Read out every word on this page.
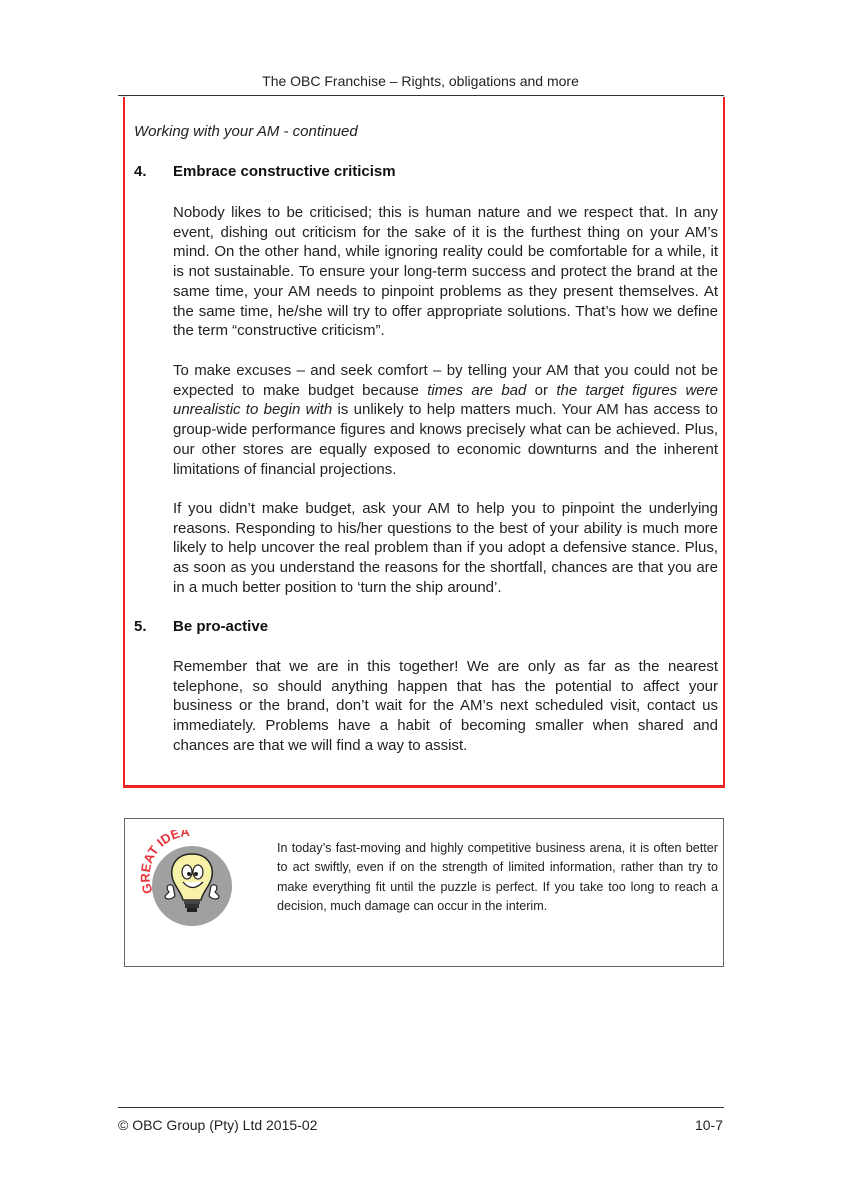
The OBC Franchise – Rights, obligations and more
Working with your AM - continued
4. Embrace constructive criticism

Nobody likes to be criticised; this is human nature and we respect that. In any event, dishing out criticism for the sake of it is the furthest thing on your AM’s mind. On the other hand, while ignoring reality could be comfortable for a while, it is not sustainable. To ensure your long-term success and protect the brand at the same time, your AM needs to pinpoint problems as they present themselves. At the same time, he/she will try to offer appropriate solutions. That’s how we define the term “constructive criticism”.

To make excuses – and seek comfort – by telling your AM that you could not be expected to make budget because times are bad or the target figures were unrealistic to begin with is unlikely to help matters much. Your AM has access to group-wide performance figures and knows precisely what can be achieved. Plus, our other stores are equally exposed to economic downturns and the inherent limitations of financial projections.

If you didn’t make budget, ask your AM to help you to pinpoint the underlying reasons. Responding to his/her questions to the best of your ability is much more likely to help uncover the real problem than if you adopt a defensive stance. Plus, as soon as you understand the reasons for the shortfall, chances are that you are in a much better position to ‘turn the ship around’.

5. Be pro-active

Remember that we are in this together! We are only as far as the nearest telephone, so should anything happen that has the potential to affect your business or the brand, don’t wait for the AM’s next scheduled visit, contact us immediately. Problems have a habit of becoming smaller when shared and chances are that we will find a way to assist.

GREAT IDEA

In today’s fast-moving and highly competitive business arena, it is often better to act swiftly, even if on the strength of limited information, rather than try to make everything fit until the puzzle is perfect. If you take too long to reach a decision, much damage can occur in the interim.

© OBC Group (Pty) Ltd 2015-02	10-7
